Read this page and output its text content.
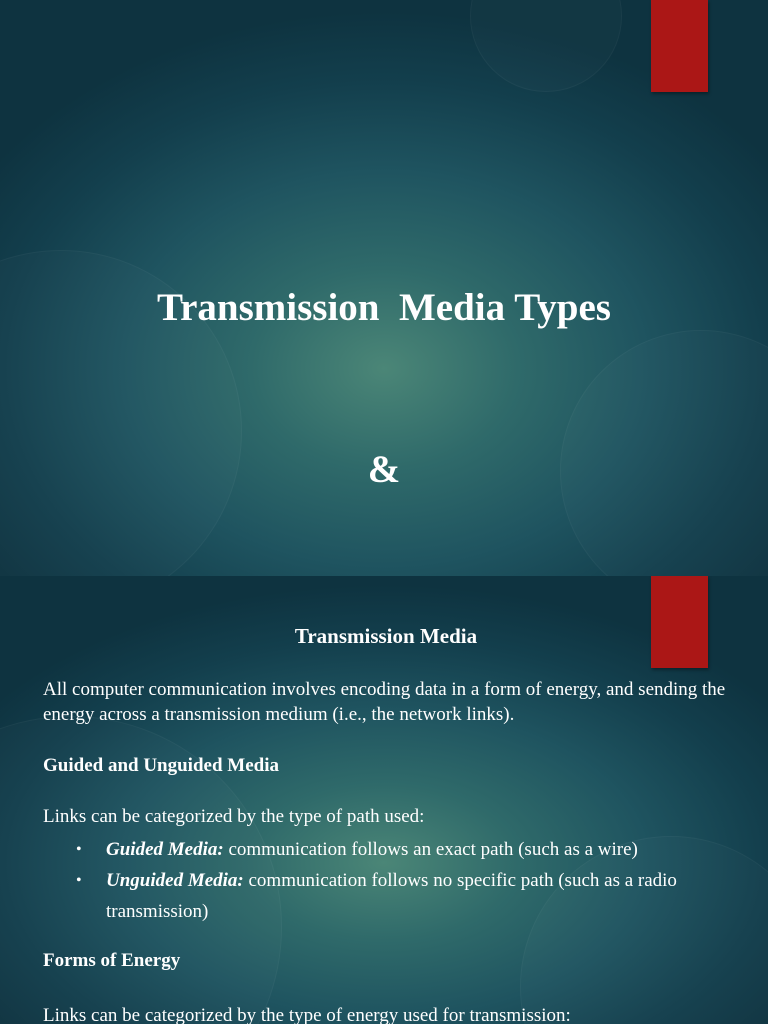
Transmission  Media Types

&

Transmission Media

All computer communication involves encoding data in a form of energy, and sending the energy across a transmission medium (i.e., the network links).

Guided and Unguided Media

Links can be categorized by the type of path used:

• Guided Media: communication follows an exact path (such as a wire)
• Unguided Media: communication follows no specific path (such as a radio transmission)
Forms of Energy

Links can be categorized by the type of energy used for transmission:
